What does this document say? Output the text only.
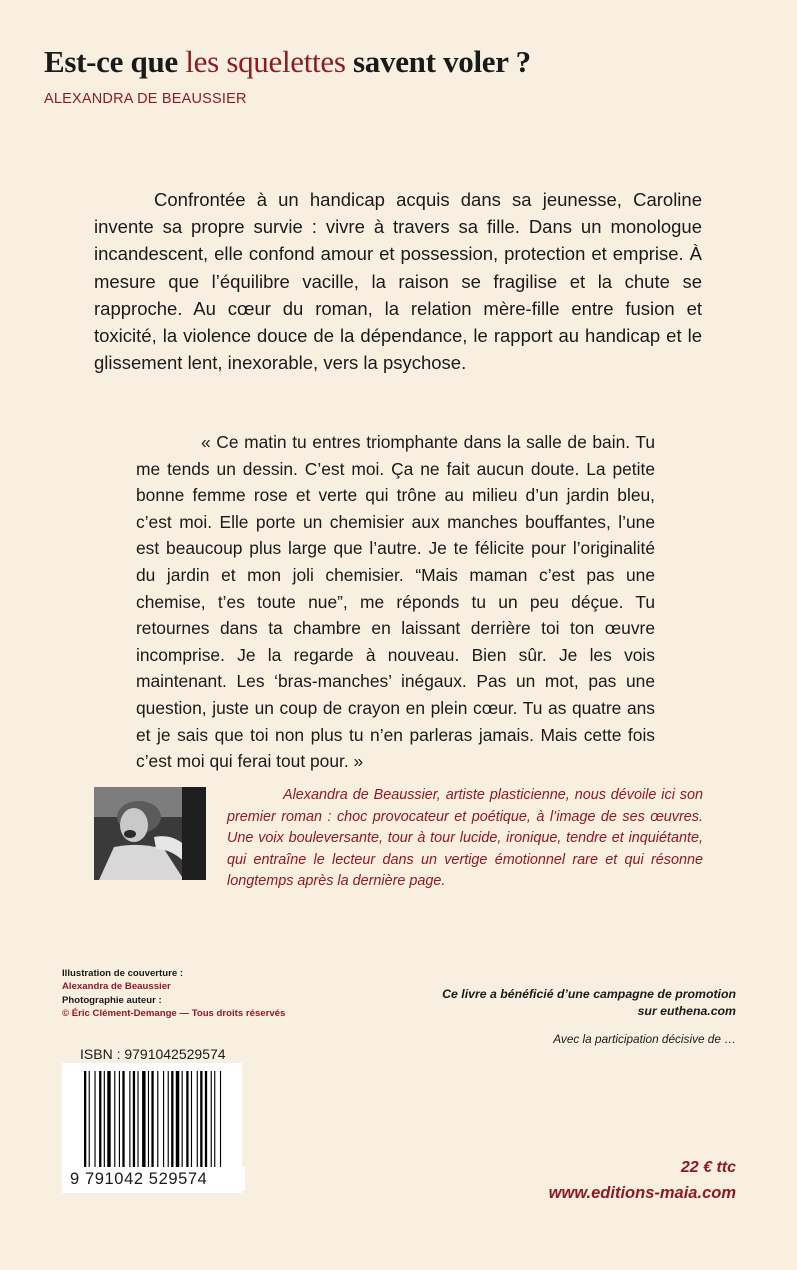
Est-ce que les squelettes savent voler ?
ALEXANDRA DE BEAUSSIER

Confrontée à un handicap acquis dans sa jeunesse, Caroline invente sa propre survie : vivre à travers sa fille. Dans un monologue incandescent, elle confond amour et possession, protection et emprise. À mesure que l’équilibre vacille, la raison se fragilise et la chute se rapproche. Au cœur du roman, la relation mère-fille entre fusion et toxicité, la violence douce de la dépendance, le rapport au handicap et le glissement lent, inexorable, vers la psychose.

« Ce matin tu entres triomphante dans la salle de bain. Tu me tends un dessin. C’est moi. Ça ne fait aucun doute. La petite bonne femme rose et verte qui trône au milieu d’un jardin bleu, c’est moi. Elle porte un chemisier aux manches bouffantes, l’une est beaucoup plus large que l’autre. Je te félicite pour l’originalité du jardin et mon joli chemisier. “Mais maman c’est pas une chemise, t’es toute nue”, me réponds tu un peu déçue. Tu retournes dans ta chambre en laissant derrière toi ton œuvre incomprise. Je la regarde à nouveau. Bien sûr. Je les vois maintenant. Les ‘bras-manches’ inégaux. Pas un mot, pas une question, juste un coup de crayon en plein cœur. Tu as quatre ans et je sais que toi non plus tu n’en parleras jamais. Mais cette fois c’est moi qui ferai tout pour. »

Alexandra de Beaussier, artiste plasticienne, nous dévoile ici son premier roman : choc provocateur et poétique, à l’image de ses œuvres. Une voix bouleversante, tour à tour lucide, ironique, tendre et inquiétante, qui entraîne le lecteur dans un vertige émotionnel rare et qui résonne longtemps après la dernière page.

Illustration de couverture :
Alexandra de Beaussier
Photographie auteur :
© Éric Clément-Demange — Tous droits réservés
Ce livre a bénéficié d’une campagne de promotion
sur euthena.com
Avec la participation décisive de …
ISBN : 9791042529574
9 791042 529574
22 € ttc
www.editions-maia.com
